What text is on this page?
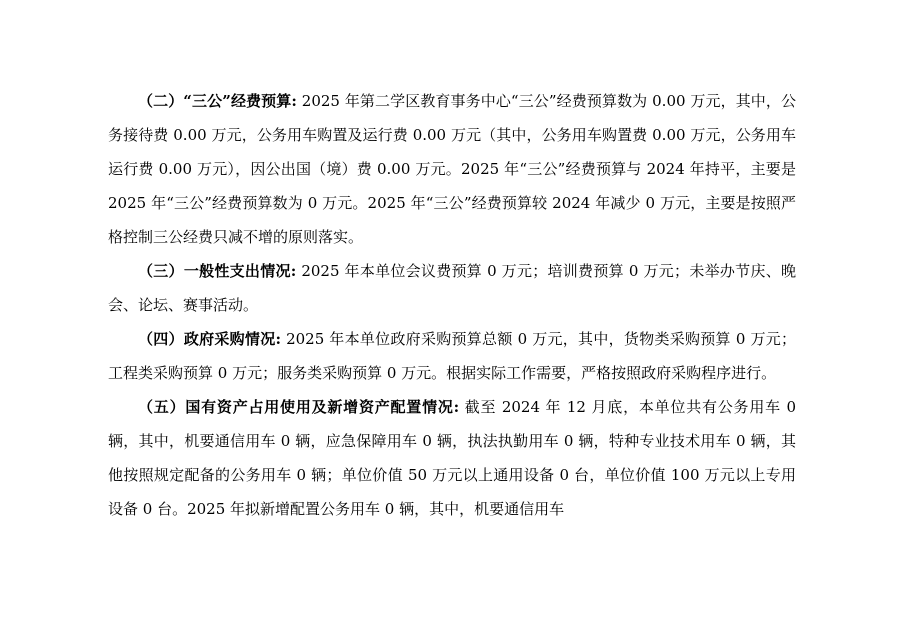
（二）“三公”经费预算: 2025 年第二学区教育事务中心“三公”经费预算数为 0.00 万元，其中，公务接待费 0.00 万元，公务用车购置及运行费 0.00 万元（其中，公务用车购置费 0.00 万元，公务用车运行费 0.00 万元），因公出国（境）费 0.00 万元。2025 年“三公”经费预算与 2024 年持平，主要是 2025 年“三公”经费预算数为 0 万元。2025 年“三公”经费预算较 2024 年减少 0 万元，主要是按照严格控制三公经费只减不增的原则落实。

（三）一般性支出情况: 2025 年本单位会议费预算 0 万元；培训费预算 0 万元；未举办节庆、晚会、论坛、赛事活动。

（四）政府采购情况: 2025 年本单位政府采购预算总额 0 万元，其中，货物类采购预算 0 万元；工程类采购预算 0 万元；服务类采购预算 0 万元。根据实际工作需要，严格按照政府采购程序进行。

（五）国有资产占用使用及新增资产配置情况: 截至 2024 年 12 月底，本单位共有公务用车 0 辆，其中，机要通信用车 0 辆，应急保障用车 0 辆，执法执勤用车 0 辆，特种专业技术用车 0 辆，其他按照规定配备的公务用车 0 辆；单位价值 50 万元以上通用设备 0 台，单位价值 100 万元以上专用设备 0 台。2025 年拟新增配置公务用车 0 辆，其中，机要通信用车
